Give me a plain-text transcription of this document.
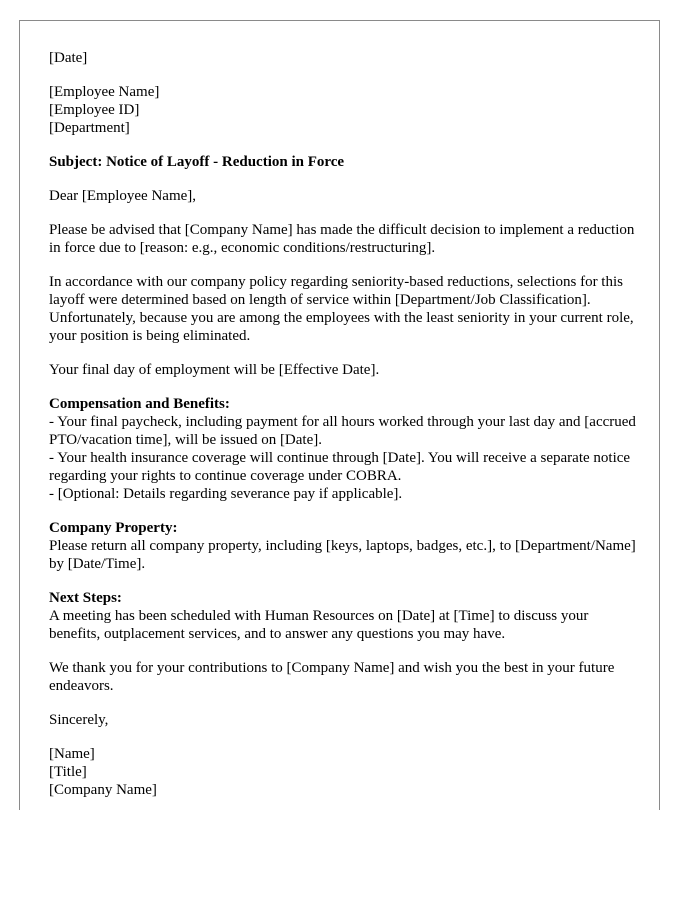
[Date]

[Employee Name]
[Employee ID]
[Department]

Subject: Notice of Layoff - Reduction in Force

Dear [Employee Name],

Please be advised that [Company Name] has made the difficult decision to implement a reduction in force due to [reason: e.g., economic conditions/restructuring].

In accordance with our company policy regarding seniority-based reductions, selections for this layoff were determined based on length of service within [Department/Job Classification]. Unfortunately, because you are among the employees with the least seniority in your current role, your position is being eliminated.

Your final day of employment will be [Effective Date].

Compensation and Benefits:
- Your final paycheck, including payment for all hours worked through your last day and [accrued PTO/vacation time], will be issued on [Date].
- Your health insurance coverage will continue through [Date]. You will receive a separate notice regarding your rights to continue coverage under COBRA.
- [Optional: Details regarding severance pay if applicable].

Company Property:
Please return all company property, including [keys, laptops, badges, etc.], to [Department/Name] by [Date/Time].

Next Steps:
A meeting has been scheduled with Human Resources on [Date] at [Time] to discuss your benefits, outplacement services, and to answer any questions you may have.

We thank you for your contributions to [Company Name] and wish you the best in your future endeavors.

Sincerely,

[Name]
[Title]
[Company Name]
